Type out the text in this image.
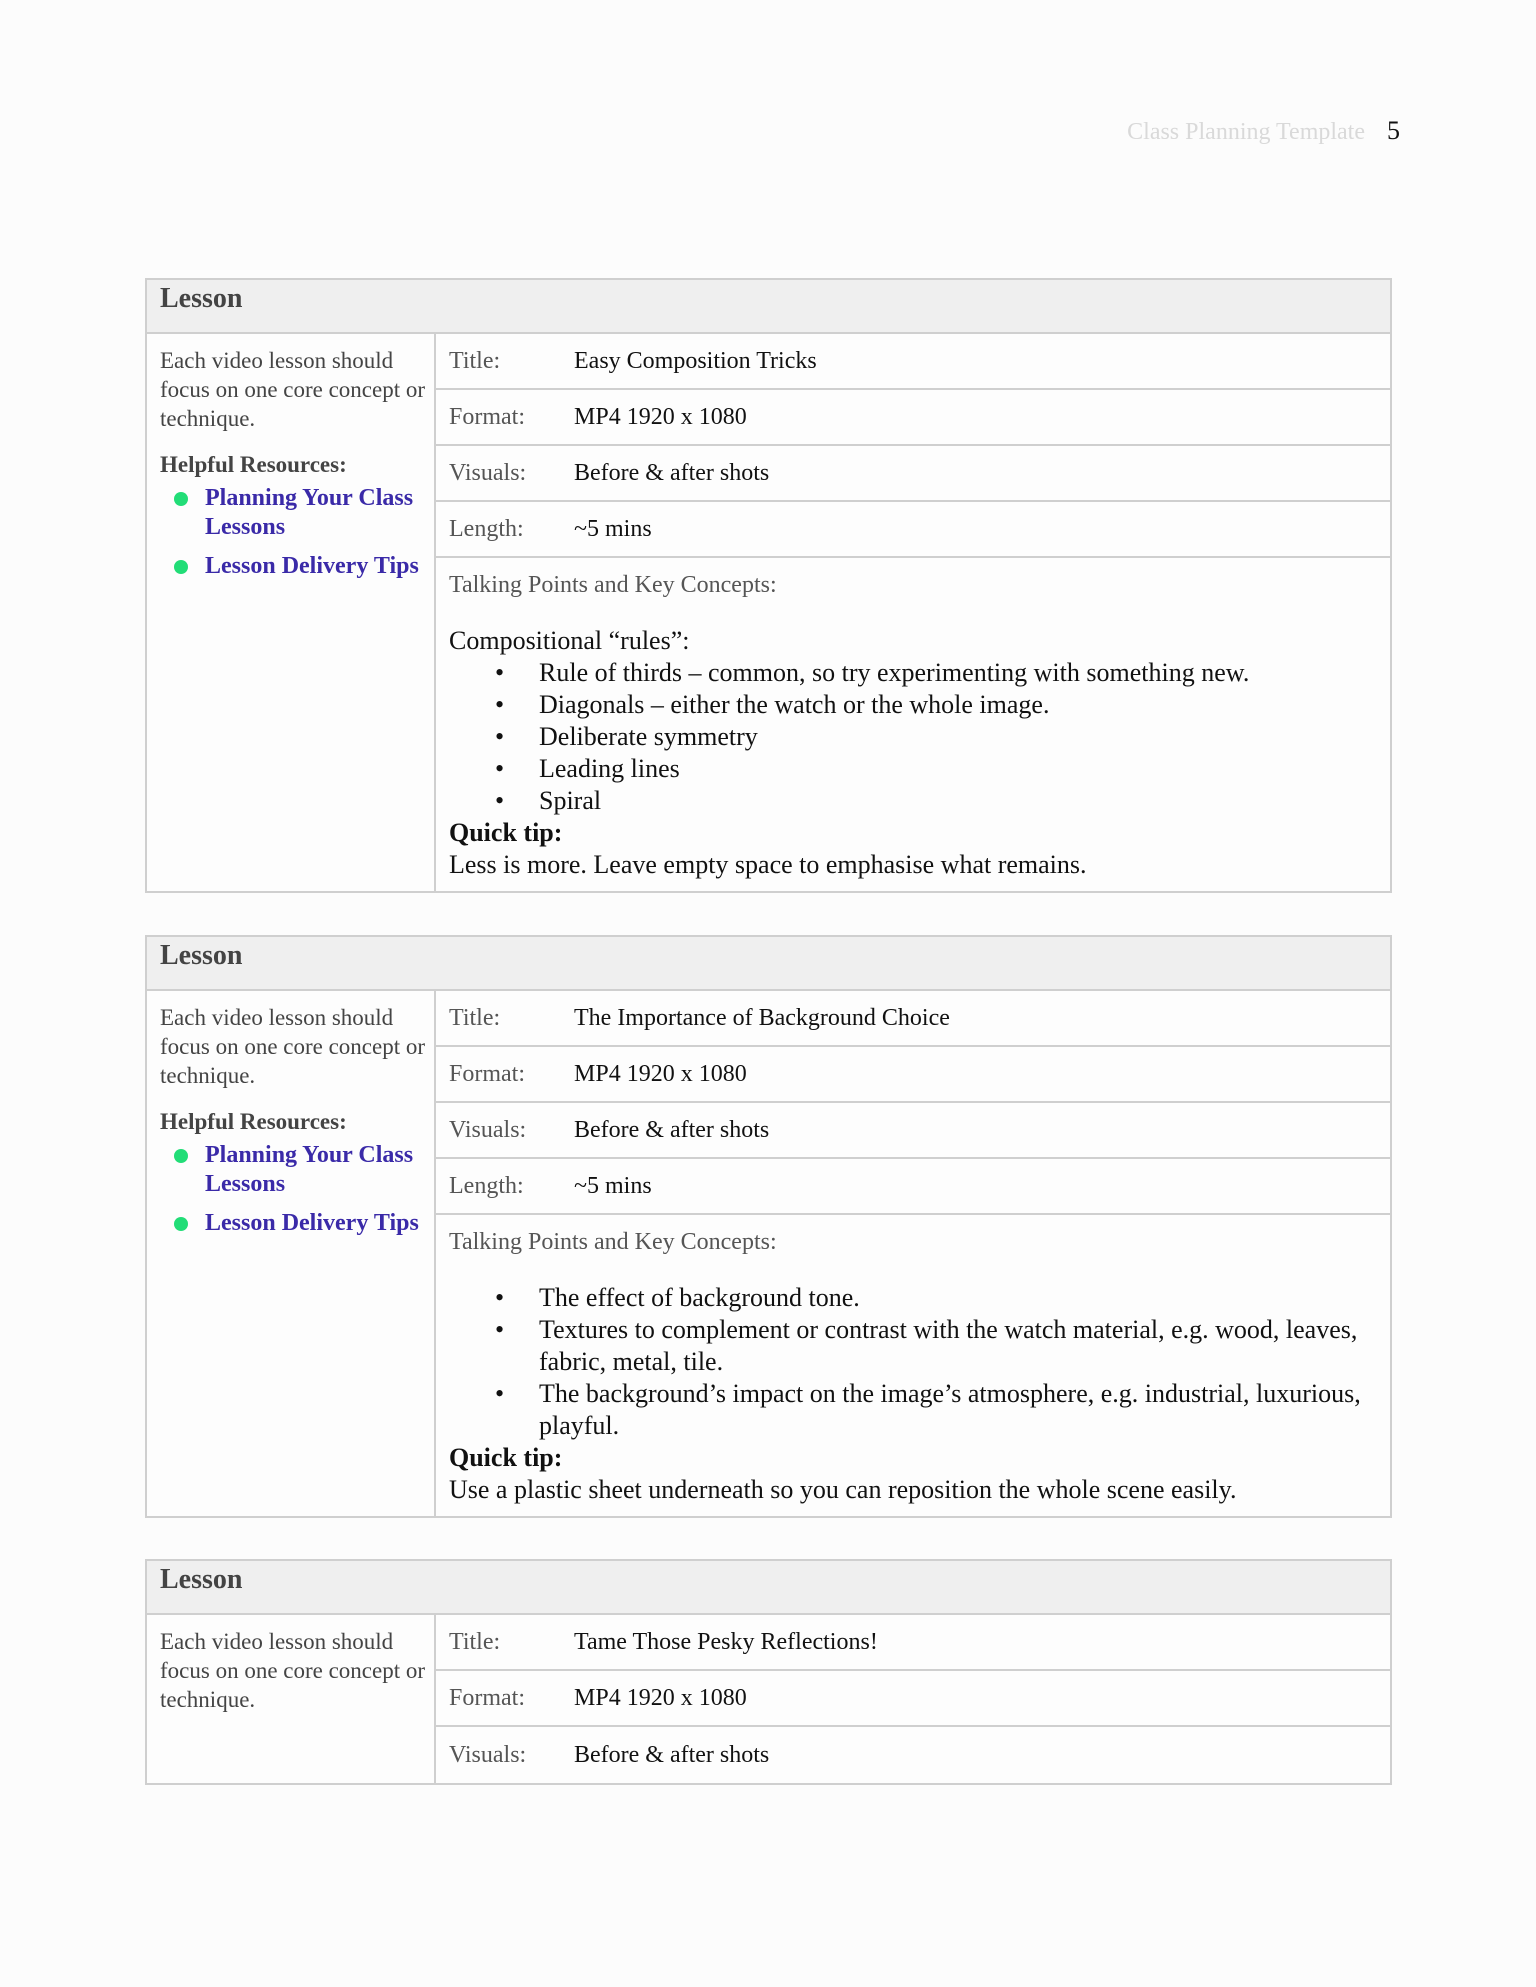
Class Planning Template 5
Lesson

Each video lesson should focus on one core concept or technique.

Helpful Resources:
Planning Your Class Lessons
Lesson Delivery Tips
Title:	Easy Composition Tricks
Format:	MP4 1920 x 1080
Visuals:	Before & after shots
Length:	~5 mins
Talking Points and Key Concepts:
Compositional “rules”:
•	Rule of thirds – common, so try experimenting with something new.
•	Diagonals – either the watch or the whole image.
•	Deliberate symmetry
•	Leading lines
•	Spiral
Quick tip:
Less is more. Leave empty space to emphasise what remains.
Lesson

Each video lesson should focus on one core concept or technique.

Helpful Resources:
Planning Your Class Lessons
Lesson Delivery Tips
Title:	The Importance of Background Choice
Format:	MP4 1920 x 1080
Visuals:	Before & after shots
Length:	~5 mins
Talking Points and Key Concepts:
•	The effect of background tone.
•	Textures to complement or contrast with the watch material, e.g. wood, leaves, fabric, metal, tile.
•	The background’s impact on the image’s atmosphere, e.g. industrial, luxurious, playful.
Quick tip:
Use a plastic sheet underneath so you can reposition the whole scene easily.
Lesson

Each video lesson should focus on one core concept or technique.

Title:	Tame Those Pesky Reflections!
Format:	MP4 1920 x 1080
Visuals:	Before & after shots
